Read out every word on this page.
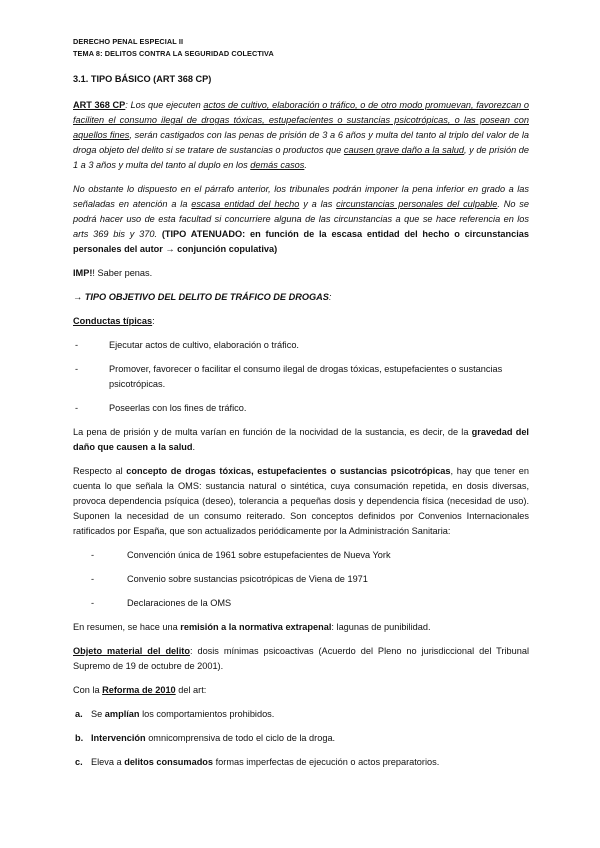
DERECHO PENAL ESPECIAL II
TEMA 8: DELITOS CONTRA LA SEGURIDAD COLECTIVA

3.1. TIPO BÁSICO (ART 368 CP)

ART 368 CP: Los que ejecuten actos de cultivo, elaboración o tráfico, o de otro modo promuevan, favorezcan o faciliten el consumo ilegal de drogas tóxicas, estupefacientes o sustancias psicotrópicas, o las posean con aquellos fines, serán castigados con las penas de prisión de 3 a 6 años y multa del tanto al triplo del valor de la droga objeto del delito si se tratare de sustancias o productos que causen grave daño a la salud, y de prisión de 1 a 3 años y multa del tanto al duplo en los demás casos.

No obstante lo dispuesto en el párrafo anterior, los tribunales podrán imponer la pena inferior en grado a las señaladas en atención a la escasa entidad del hecho y a las circunstancias personales del culpable. No se podrá hacer uso de esta facultad si concurriere alguna de las circunstancias a que se hace referencia en los arts 369 bis y 370. (TIPO ATENUADO: en función de la escasa entidad del hecho o circunstancias personales del autor → conjunción copulativa)

IMP!! Saber penas.

→ TIPO OBJETIVO DEL DELITO DE TRÁFICO DE DROGAS:

Conductas típicas:

-	Ejecutar actos de cultivo, elaboración o tráfico.
-	Promover, favorecer o facilitar el consumo ilegal de drogas tóxicas, estupefacientes o sustancias psicotrópicas.
-	Poseerlas con los fines de tráfico.

La pena de prisión y de multa varían en función de la nocividad de la sustancia, es decir, de la gravedad del daño que causen a la salud.

Respecto al concepto de drogas tóxicas, estupefacientes o sustancias psicotrópicas, hay que tener en cuenta lo que señala la OMS: sustancia natural o sintética, cuya consumación repetida, en dosis diversas, provoca dependencia psíquica (deseo), tolerancia a pequeñas dosis y dependencia física (necesidad de uso). Suponen la necesidad de un consumo reiterado. Son conceptos definidos por Convenios Internacionales ratificados por España, que son actualizados periódicamente por la Administración Sanitaria:

-	Convención única de 1961 sobre estupefacientes de Nueva York
-	Convenio sobre sustancias psicotrópicas de Viena de 1971
-	Declaraciones de la OMS

En resumen, se hace una remisión a la normativa extrapenal: lagunas de punibilidad.

Objeto material del delito: dosis mínimas psicoactivas (Acuerdo del Pleno no jurisdiccional del Tribunal Supremo de 19 de octubre de 2001).

Con la Reforma de 2010 del art:

a. Se amplían los comportamientos prohibidos.
b. Intervención omnicomprensiva de todo el ciclo de la droga.
c. Eleva a delitos consumados formas imperfectas de ejecución o actos preparatorios.
